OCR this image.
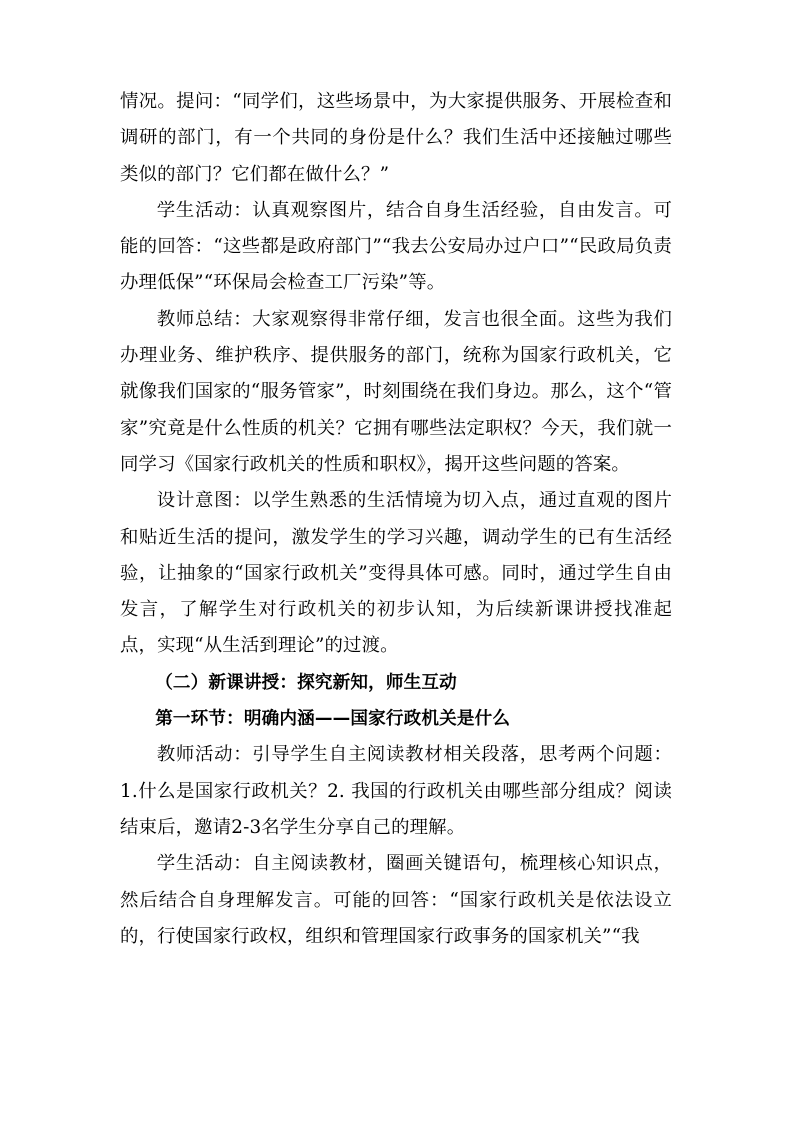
情况。提问：“同学们，这些场景中，为大家提供服务、开展检查和调研的部门，有一个共同的身份是什么？我们生活中还接触过哪些类似的部门？它们都在做什么？”

学生活动：认真观察图片，结合自身生活经验，自由发言。可能的回答：“这些都是政府部门”“我去公安局办过户口”“民政局负责办理低保”“环保局会检查工厂污染”等。

教师总结：大家观察得非常仔细，发言也很全面。这些为我们办理业务、维护秩序、提供服务的部门，统称为国家行政机关，它就像我们国家的“服务管家”，时刻围绕在我们身边。那么，这个“管家”究竟是什么性质的机关？它拥有哪些法定职权？今天，我们就一同学习《国家行政机关的性质和职权》，揭开这些问题的答案。

设计意图：以学生熟悉的生活情境为切入点，通过直观的图片和贴近生活的提问，激发学生的学习兴趣，调动学生的已有生活经验，让抽象的“国家行政机关”变得具体可感。同时，通过学生自由发言，了解学生对行政机关的初步认知，为后续新课讲授找准起点，实现“从生活到理论”的过渡。

（二）新课讲授：探究新知，师生互动

第一环节：明确内涵——国家行政机关是什么

教师活动：引导学生自主阅读教材相关段落，思考两个问题：1.什么是国家行政机关？2. 我国的行政机关由哪些部分组成？阅读结束后，邀请2-3名学生分享自己的理解。

学生活动：自主阅读教材，圈画关键语句，梳理核心知识点，然后结合自身理解发言。可能的回答：“国家行政机关是依法设立的，行使国家行政权，组织和管理国家行政事务的国家机关”“我
